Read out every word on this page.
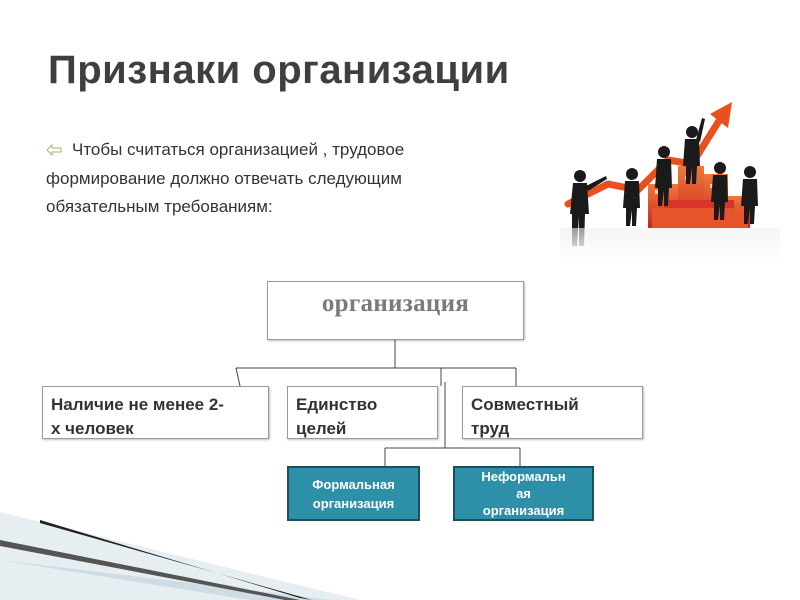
Признаки организации
Чтобы считаться организацией , трудовое
формирование должно отвечать следующим
обязательным требованиям:
организация
Наличие не менее 2-
х человек
Единство
целей
Совместный
труд
Формальная
организация
Неформальн
ая
организация
